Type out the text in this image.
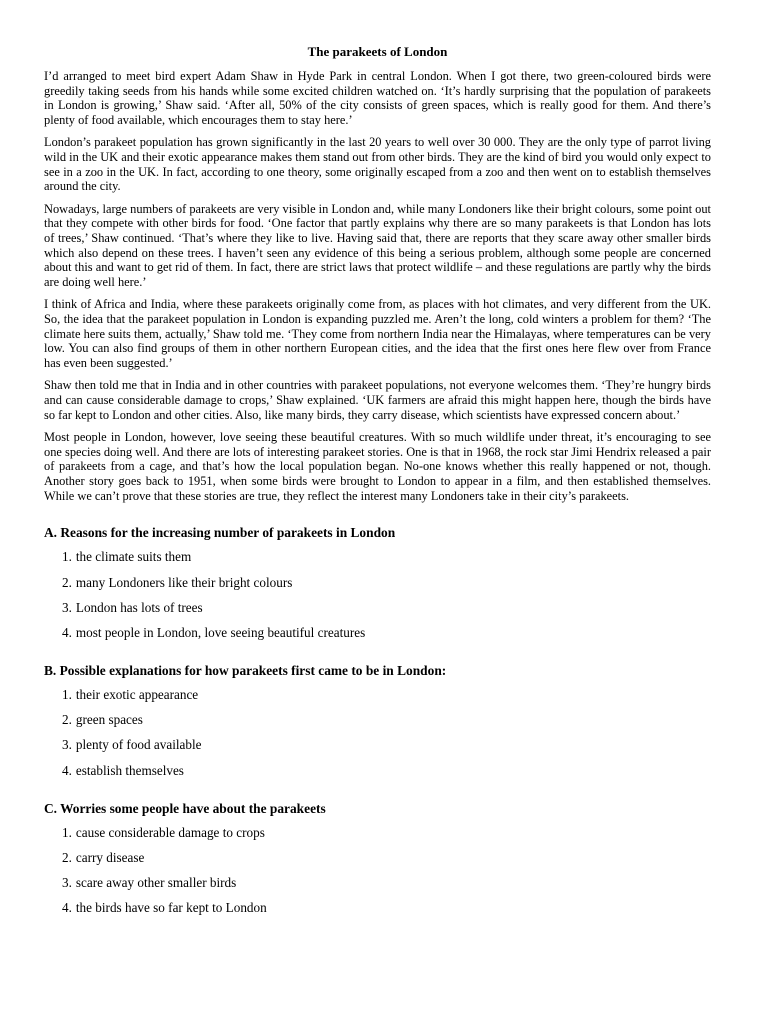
The parakeets of London

I’d arranged to meet bird expert Adam Shaw in Hyde Park in central London. When I got there, two green-coloured birds were greedily taking seeds from his hands while some excited children watched on. ‘It’s hardly surprising that the population of parakeets in London is growing,’ Shaw said. ‘After all, 50% of the city consists of green spaces, which is really good for them. And there’s plenty of food available, which encourages them to stay here.’

London’s parakeet population has grown significantly in the last 20 years to well over 30 000. They are the only type of parrot living wild in the UK and their exotic appearance makes them stand out from other birds. They are the kind of bird you would only expect to see in a zoo in the UK. In fact, according to one theory, some originally escaped from a zoo and then went on to establish themselves around the city.

Nowadays, large numbers of parakeets are very visible in London and, while many Londoners like their bright colours, some point out that they compete with other birds for food. ‘One factor that partly explains why there are so many parakeets is that London has lots of trees,’ Shaw continued. ‘That’s where they like to live. Having said that, there are reports that they scare away other smaller birds which also depend on these trees. I haven’t seen any evidence of this being a serious problem, although some people are concerned about this and want to get rid of them. In fact, there are strict laws that protect wildlife – and these regulations are partly why the birds are doing well here.’

I think of Africa and India, where these parakeets originally come from, as places with hot climates, and very different from the UK. So, the idea that the parakeet population in London is expanding puzzled me. Aren’t the long, cold winters a problem for them? ‘The climate here suits them, actually,’ Shaw told me. ‘They come from northern India near the Himalayas, where temperatures can be very low. You can also find groups of them in other northern European cities, and the idea that the first ones here flew over from France has even been suggested.’

Shaw then told me that in India and in other countries with parakeet populations, not everyone welcomes them. ‘They’re hungry birds and can cause considerable damage to crops,’ Shaw explained. ‘UK farmers are afraid this might happen here, though the birds have so far kept to London and other cities. Also, like many birds, they carry disease, which scientists have expressed concern about.’

Most people in London, however, love seeing these beautiful creatures. With so much wildlife under threat, it’s encouraging to see one species doing well. And there are lots of interesting parakeet stories. One is that in 1968, the rock star Jimi Hendrix released a pair of parakeets from a cage, and that’s how the local population began. No-one knows whether this really happened or not, though. Another story goes back to 1951, when some birds were brought to London to appear in a film, and then established themselves. While we can’t prove that these stories are true, they reflect the interest many Londoners take in their city’s parakeets.

A. Reasons for the increasing number of parakeets in London
1. the climate suits them
2. many Londoners like their bright colours
3. London has lots of trees
4. most people in London, love seeing beautiful creatures
B. Possible explanations for how parakeets first came to be in London:
1. their exotic appearance
2. green spaces
3. plenty of food available
4. establish themselves
C. Worries some people have about the parakeets
1. cause considerable damage to crops
2. carry disease
3. scare away other smaller birds
4. the birds have so far kept to London
